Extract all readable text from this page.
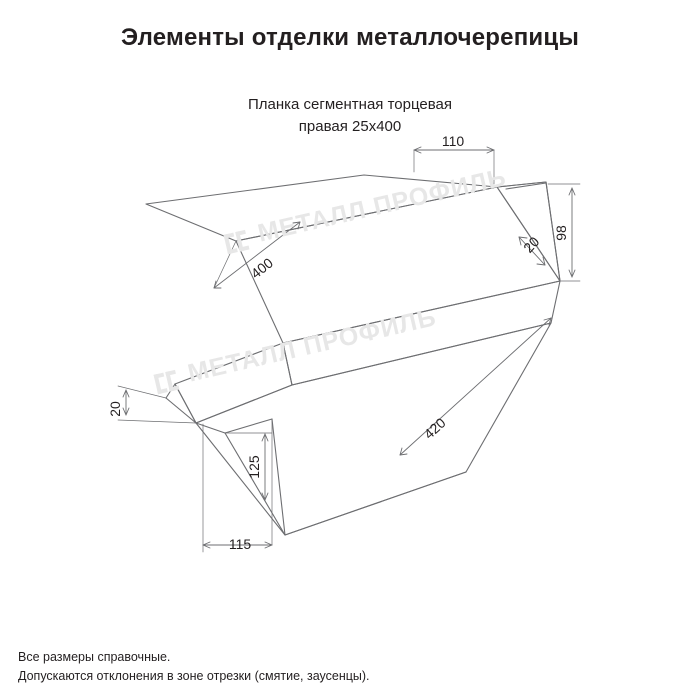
Элементы отделки металлочерепицы
Планка сегментная торцевая
правая 25x400
110
98
20
400
20
125
115
420
МЕТАЛЛ ПРОФИЛЬ
МЕТАЛЛ ПРОФИЛЬ
Все размеры справочные.
Допускаются отклонения в зоне отрезки (смятие, заусенцы).
